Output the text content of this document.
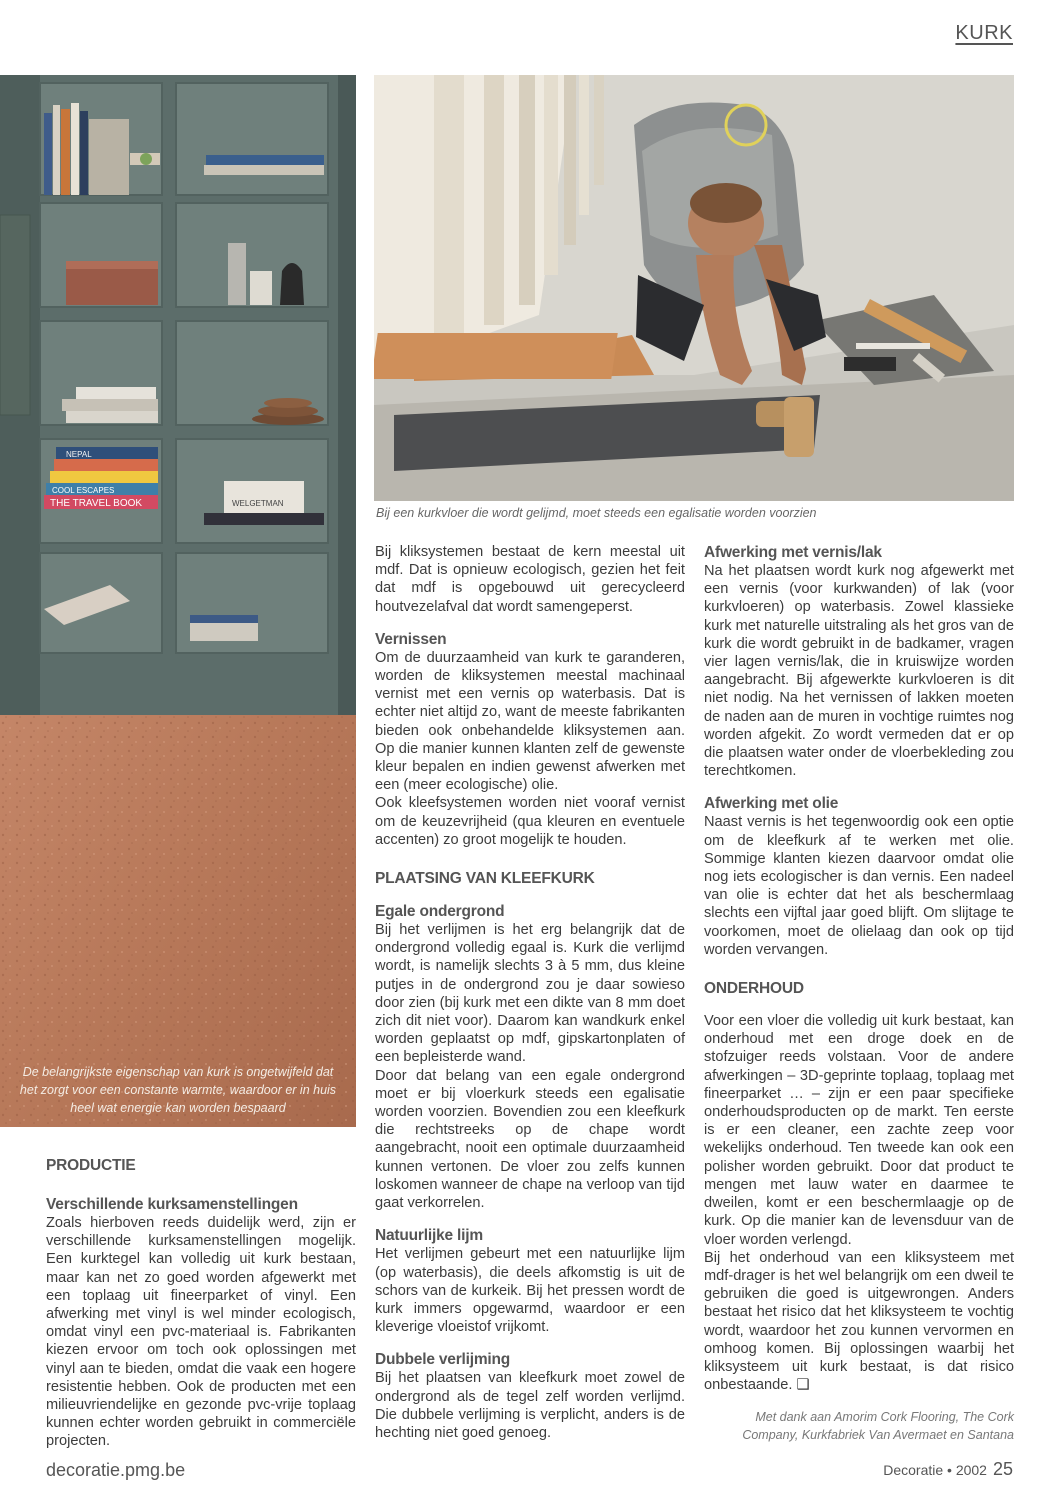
KURK
NEPAL
COOL ESCAPES
THE TRAVEL BOOK	WELGETMAN
De belangrijkste eigenschap van kurk is ongetwijfeld dat het zorgt voor een constante warmte, waardoor er in huis heel wat energie kan worden bespaard
Bij een kurkvloer die wordt gelijmd, moet steeds een egalisatie worden voorzien
PRODUCTIE
Verschillende kurksamenstellingen

Zoals hierboven reeds duidelijk werd, zijn er verschillende kurksamenstellingen mogelijk. Een kurktegel kan volledig uit kurk bestaan, maar kan net zo goed worden afgewerkt met een toplaag uit fineerparket of vinyl. Een afwerking met vinyl is wel minder ecologisch, omdat vinyl een pvc-materiaal is. Fabrikanten kiezen ervoor om toch ook oplossingen met vinyl aan te bieden, omdat die vaak een hogere resistentie hebben. Ook de producten met een milieuvriendelijke en gezonde pvc-vrije toplaag kunnen echter worden gebruikt in commerciële projecten.

Bij kliksystemen bestaat de kern meestal uit mdf. Dat is opnieuw ecologisch, gezien het feit dat mdf is opgebouwd uit gerecycleerd houtvezelafval dat wordt samengeperst.

Vernissen

Om de duurzaamheid van kurk te garanderen, worden de kliksystemen meestal machinaal vernist met een vernis op waterbasis. Dat is echter niet altijd zo, want de meeste fabrikanten bieden ook onbehandelde kliksystemen aan. Op die manier kunnen klanten zelf de gewenste kleur bepalen en indien gewenst afwerken met een (meer ecologische) olie.

Ook kleefsystemen worden niet vooraf vernist om de keuzevrijheid (qua kleuren en eventuele accenten) zo groot mogelijk te houden.

PLAATSING VAN KLEEFKURK
Egale ondergrond

Bij het verlijmen is het erg belangrijk dat de ondergrond volledig egaal is. Kurk die verlijmd wordt, is namelijk slechts 3 à 5 mm, dus kleine putjes in de ondergrond zou je daar sowieso door zien (bij kurk met een dikte van 8 mm doet zich dit niet voor). Daarom kan wandkurk enkel worden geplaatst op mdf, gipskartonplaten of een bepleisterde wand.

Door dat belang van een egale ondergrond moet er bij vloerkurk steeds een egalisatie worden voorzien. Bovendien zou een kleefkurk die rechtstreeks op de chape wordt aangebracht, nooit een optimale duurzaamheid kunnen vertonen. De vloer zou zelfs kunnen loskomen wanneer de chape na verloop van tijd gaat verkorrelen.

Natuurlijke lijm

Het verlijmen gebeurt met een natuurlijke lijm (op waterbasis), die deels afkomstig is uit de schors van de kurkeik. Bij het pressen wordt de kurk immers opgewarmd, waardoor er een kleverige vloeistof vrijkomt.

Dubbele verlijming

Bij het plaatsen van kleefkurk moet zowel de ondergrond als de tegel zelf worden verlijmd. Die dubbele verlijming is verplicht, anders is de hechting niet goed genoeg.

Afwerking met vernis/lak

Na het plaatsen wordt kurk nog afgewerkt met een vernis (voor kurkwanden) of lak (voor kurkvloeren) op waterbasis. Zowel klassieke kurk met naturelle uitstraling als het gros van de kurk die wordt gebruikt in de badkamer, vragen vier lagen vernis/lak, die in kruiswijze worden aangebracht. Bij afgewerkte kurkvloeren is dit niet nodig. Na het vernissen of lakken moeten de naden aan de muren in vochtige ruimtes nog worden afgekit. Zo wordt vermeden dat er op die plaatsen water onder de vloerbekleding zou terechtkomen.

Afwerking met olie

Naast vernis is het tegenwoordig ook een optie om de kleefkurk af te werken met olie. Sommige klanten kiezen daarvoor omdat olie nog iets ecologischer is dan vernis. Een nadeel van olie is echter dat het als beschermlaag slechts een vijftal jaar goed blijft. Om slijtage te voorkomen, moet de olielaag dan ook op tijd worden vervangen.

ONDERHOUD

Voor een vloer die volledig uit kurk bestaat, kan onderhoud met een droge doek en de stofzuiger reeds volstaan. Voor de andere afwerkingen – 3D-geprinte toplaag, toplaag met fineerparket … – zijn er een paar specifieke onderhoudsproducten op de markt. Ten eerste is er een cleaner, een zachte zeep voor wekelijks onderhoud. Ten tweede kan ook een polisher worden gebruikt. Door dat product te mengen met lauw water en daarmee te dweilen, komt er een beschermlaagje op de kurk. Op die manier kan de levensduur van de vloer worden verlengd.

Bij het onderhoud van een kliksysteem met mdf-drager is het wel belangrijk om een dweil te gebruiken die goed is uitgewrongen. Anders bestaat het risico dat het kliksysteem te vochtig wordt, waardoor het zou kunnen vervormen en omhoog komen. Bij oplossingen waarbij het kliksysteem uit kurk bestaat, is dat risico onbestaande. ❑

Met dank aan Amorim Cork Flooring, The Cork Company, Kurkfabriek Van Avermaet en Santana
decoratie.pmg.be	Decoratie • 2002 25
